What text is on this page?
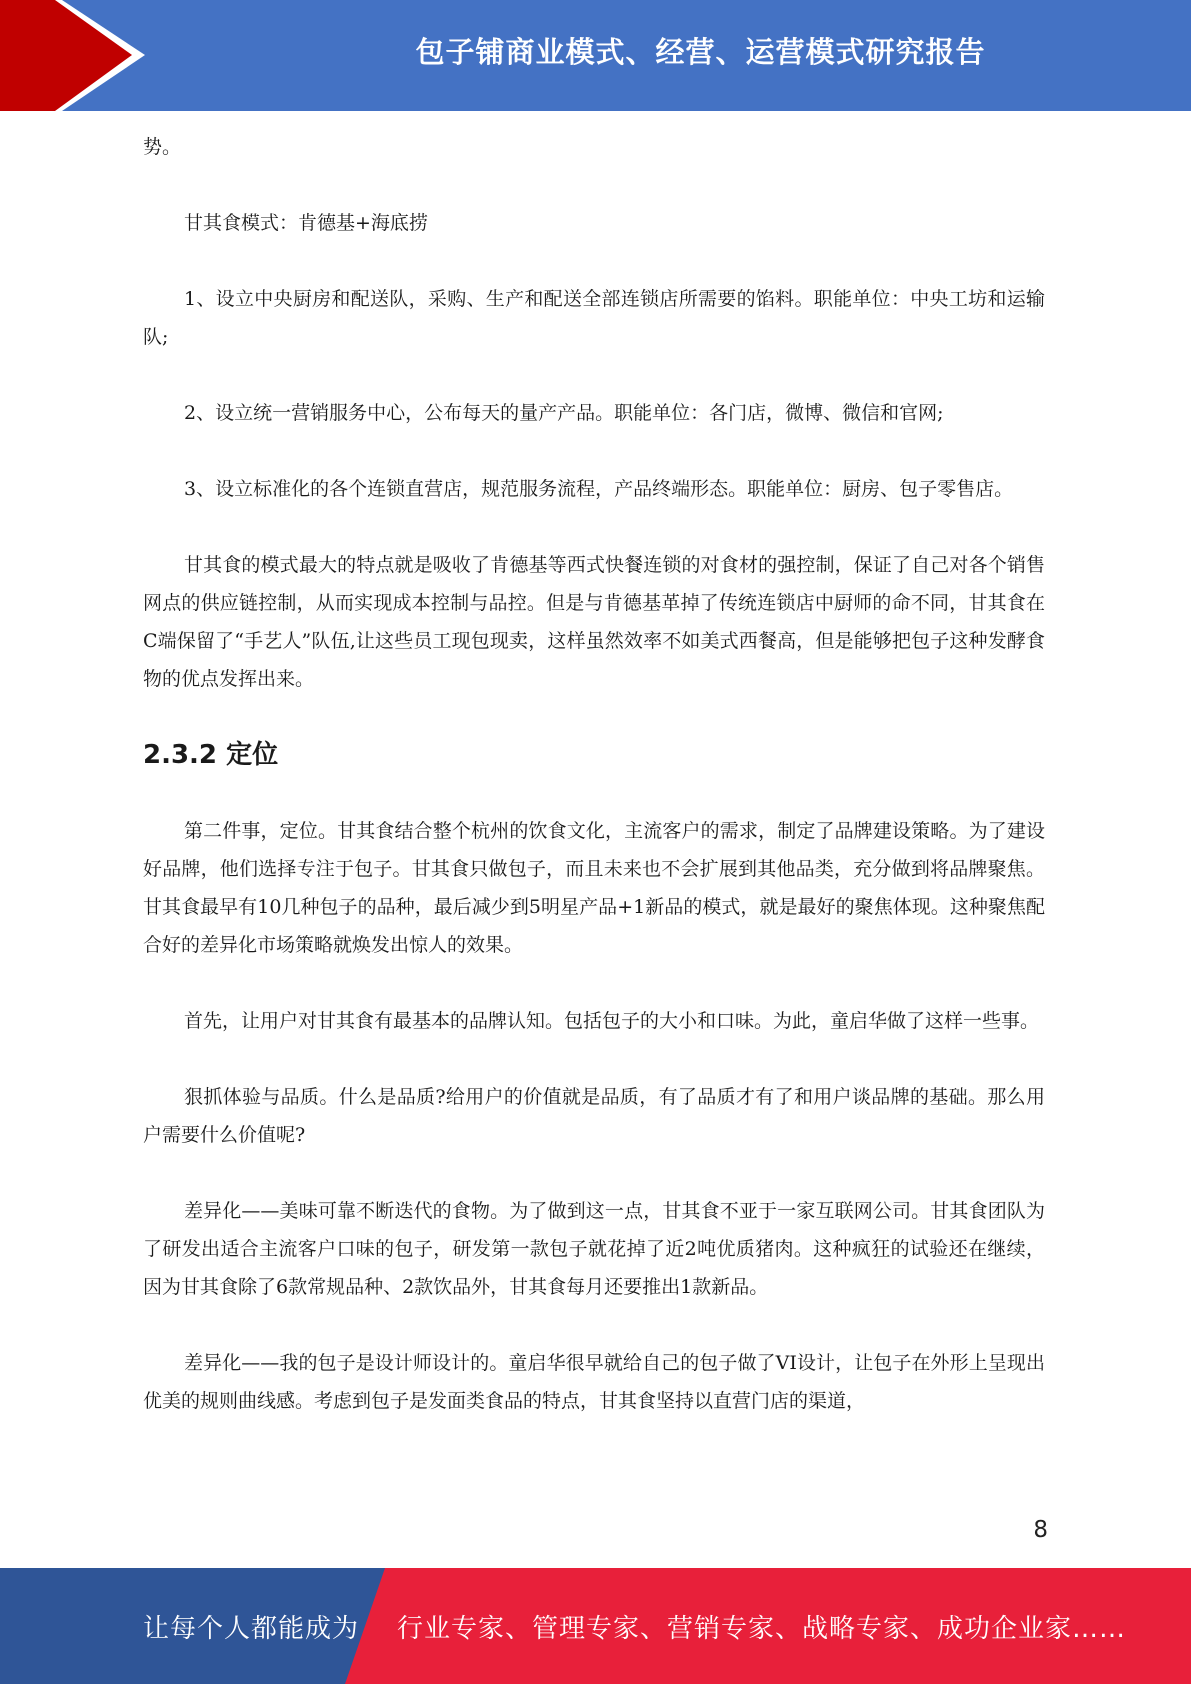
包子铺商业模式、经营、运营模式研究报告

势。

甘其食模式：肯德基+海底捞

1、设立中央厨房和配送队，采购、生产和配送全部连锁店所需要的馅料。职能单位：中央工坊和运输队;

2、设立统一营销服务中心，公布每天的量产产品。职能单位：各门店，微博、微信和官网;

3、设立标准化的各个连锁直营店，规范服务流程，产品终端形态。职能单位：厨房、包子零售店。

甘其食的模式最大的特点就是吸收了肯德基等西式快餐连锁的对食材的强控制，保证了自己对各个销售网点的供应链控制，从而实现成本控制与品控。但是与肯德基革掉了传统连锁店中厨师的命不同，甘其食在C端保留了“手艺人”队伍,让这些员工现包现卖，这样虽然效率不如美式西餐高，但是能够把包子这种发酵食物的优点发挥出来。

2.3.2 定位

第二件事，定位。甘其食结合整个杭州的饮食文化，主流客户的需求，制定了品牌建设策略。为了建设好品牌，他们选择专注于包子。甘其食只做包子，而且未来也不会扩展到其他品类，充分做到将品牌聚焦。甘其食最早有10几种包子的品种，最后减少到5明星产品+1新品的模式，就是最好的聚焦体现。这种聚焦配合好的差异化市场策略就焕发出惊人的效果。

首先，让用户对甘其食有最基本的品牌认知。包括包子的大小和口味。为此，童启华做了这样一些事。

狠抓体验与品质。什么是品质?给用户的价值就是品质，有了品质才有了和用户谈品牌的基础。那么用户需要什么价值呢?

差异化——美味可靠不断迭代的食物。为了做到这一点，甘其食不亚于一家互联网公司。甘其食团队为了研发出适合主流客户口味的包子，研发第一款包子就花掉了近2吨优质猪肉。这种疯狂的试验还在继续，因为甘其食除了6款常规品种、2款饮品外，甘其食每月还要推出1款新品。

差异化——我的包子是设计师设计的。童启华很早就给自己的包子做了VI设计，让包子在外形上呈现出优美的规则曲线感。考虑到包子是发面类食品的特点，甘其食坚持以直营门店的渠道，

8
让每个人都能成为 行业专家、管理专家、营销专家、战略专家、成功企业家……
